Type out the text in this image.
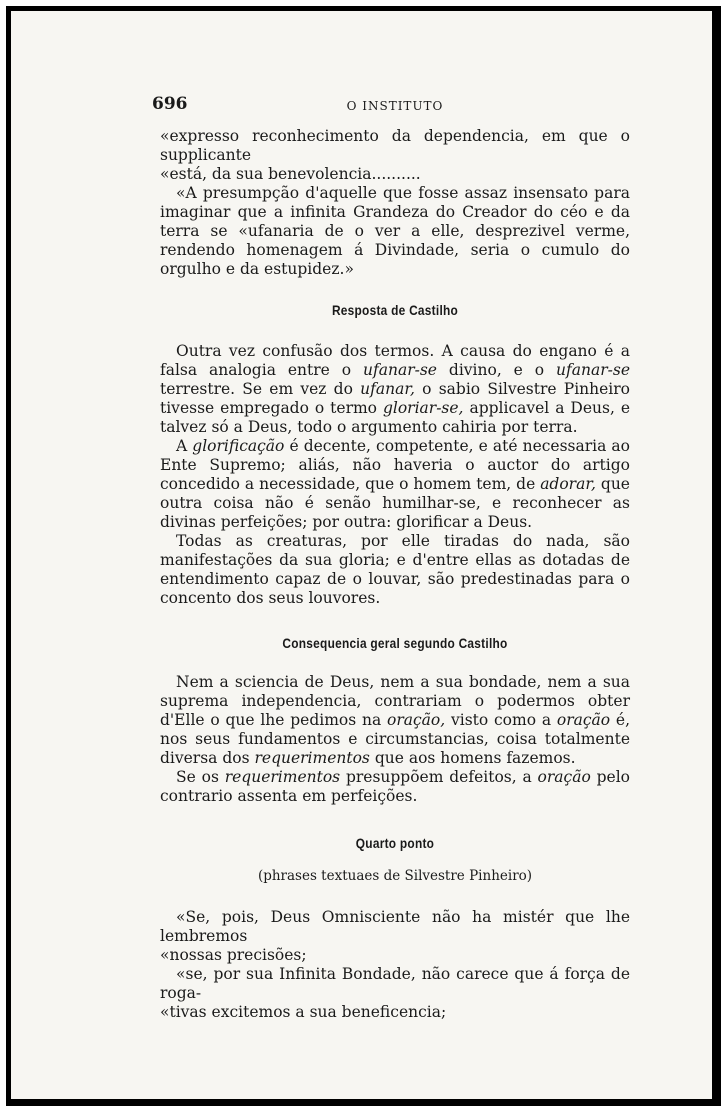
696	O INSTITUTO

«expresso reconhecimento da dependencia, em que o supplicante

«está, da sua benevolencia..........

«A presumpção d'aquelle que fosse assaz insensato para imaginar que a infinita Grandeza do Creador do céo e da terra se «ufanaria de o ver a elle, desprezivel verme, rendendo homenagem á Divindade, seria o cumulo do orgulho e da estupidez.»

Resposta de Castilho

Outra vez confusão dos termos. A causa do engano é a falsa analogia entre o ufanar-se divino, e o ufanar-se terrestre. Se em vez do ufanar, o sabio Silvestre Pinheiro tivesse empregado o termo gloriar-se, applicavel a Deus, e talvez só a Deus, todo o argumento cahiria por terra.

A glorificação é decente, competente, e até necessaria ao Ente Supremo; aliás, não haveria o auctor do artigo concedido a necessidade, que o homem tem, de adorar, que outra coisa não é senão humilhar-se, e reconhecer as divinas perfeições; por outra: glorificar a Deus.

Todas as creaturas, por elle tiradas do nada, são manifestações da sua gloria; e d'entre ellas as dotadas de entendimento capaz de o louvar, são predestinadas para o concento dos seus louvores.

Consequencia geral segundo Castilho

Nem a sciencia de Deus, nem a sua bondade, nem a sua suprema independencia, contrariam o podermos obter d'Elle o que lhe pedimos na oração, visto como a oração é, nos seus fundamentos e circumstancias, coisa totalmente diversa dos requerimentos que aos homens fazemos.

Se os requerimentos presuppõem defeitos, a oração pelo contrario assenta em perfeições.

Quarto ponto
(phrases textuaes de Silvestre Pinheiro)

«Se, pois, Deus Omnisciente não ha mistér que lhe lembremos

«nossas precisões;

«se, por sua Infinita Bondade, não carece que á força de roga-

«tivas excitemos a sua beneficencia;
